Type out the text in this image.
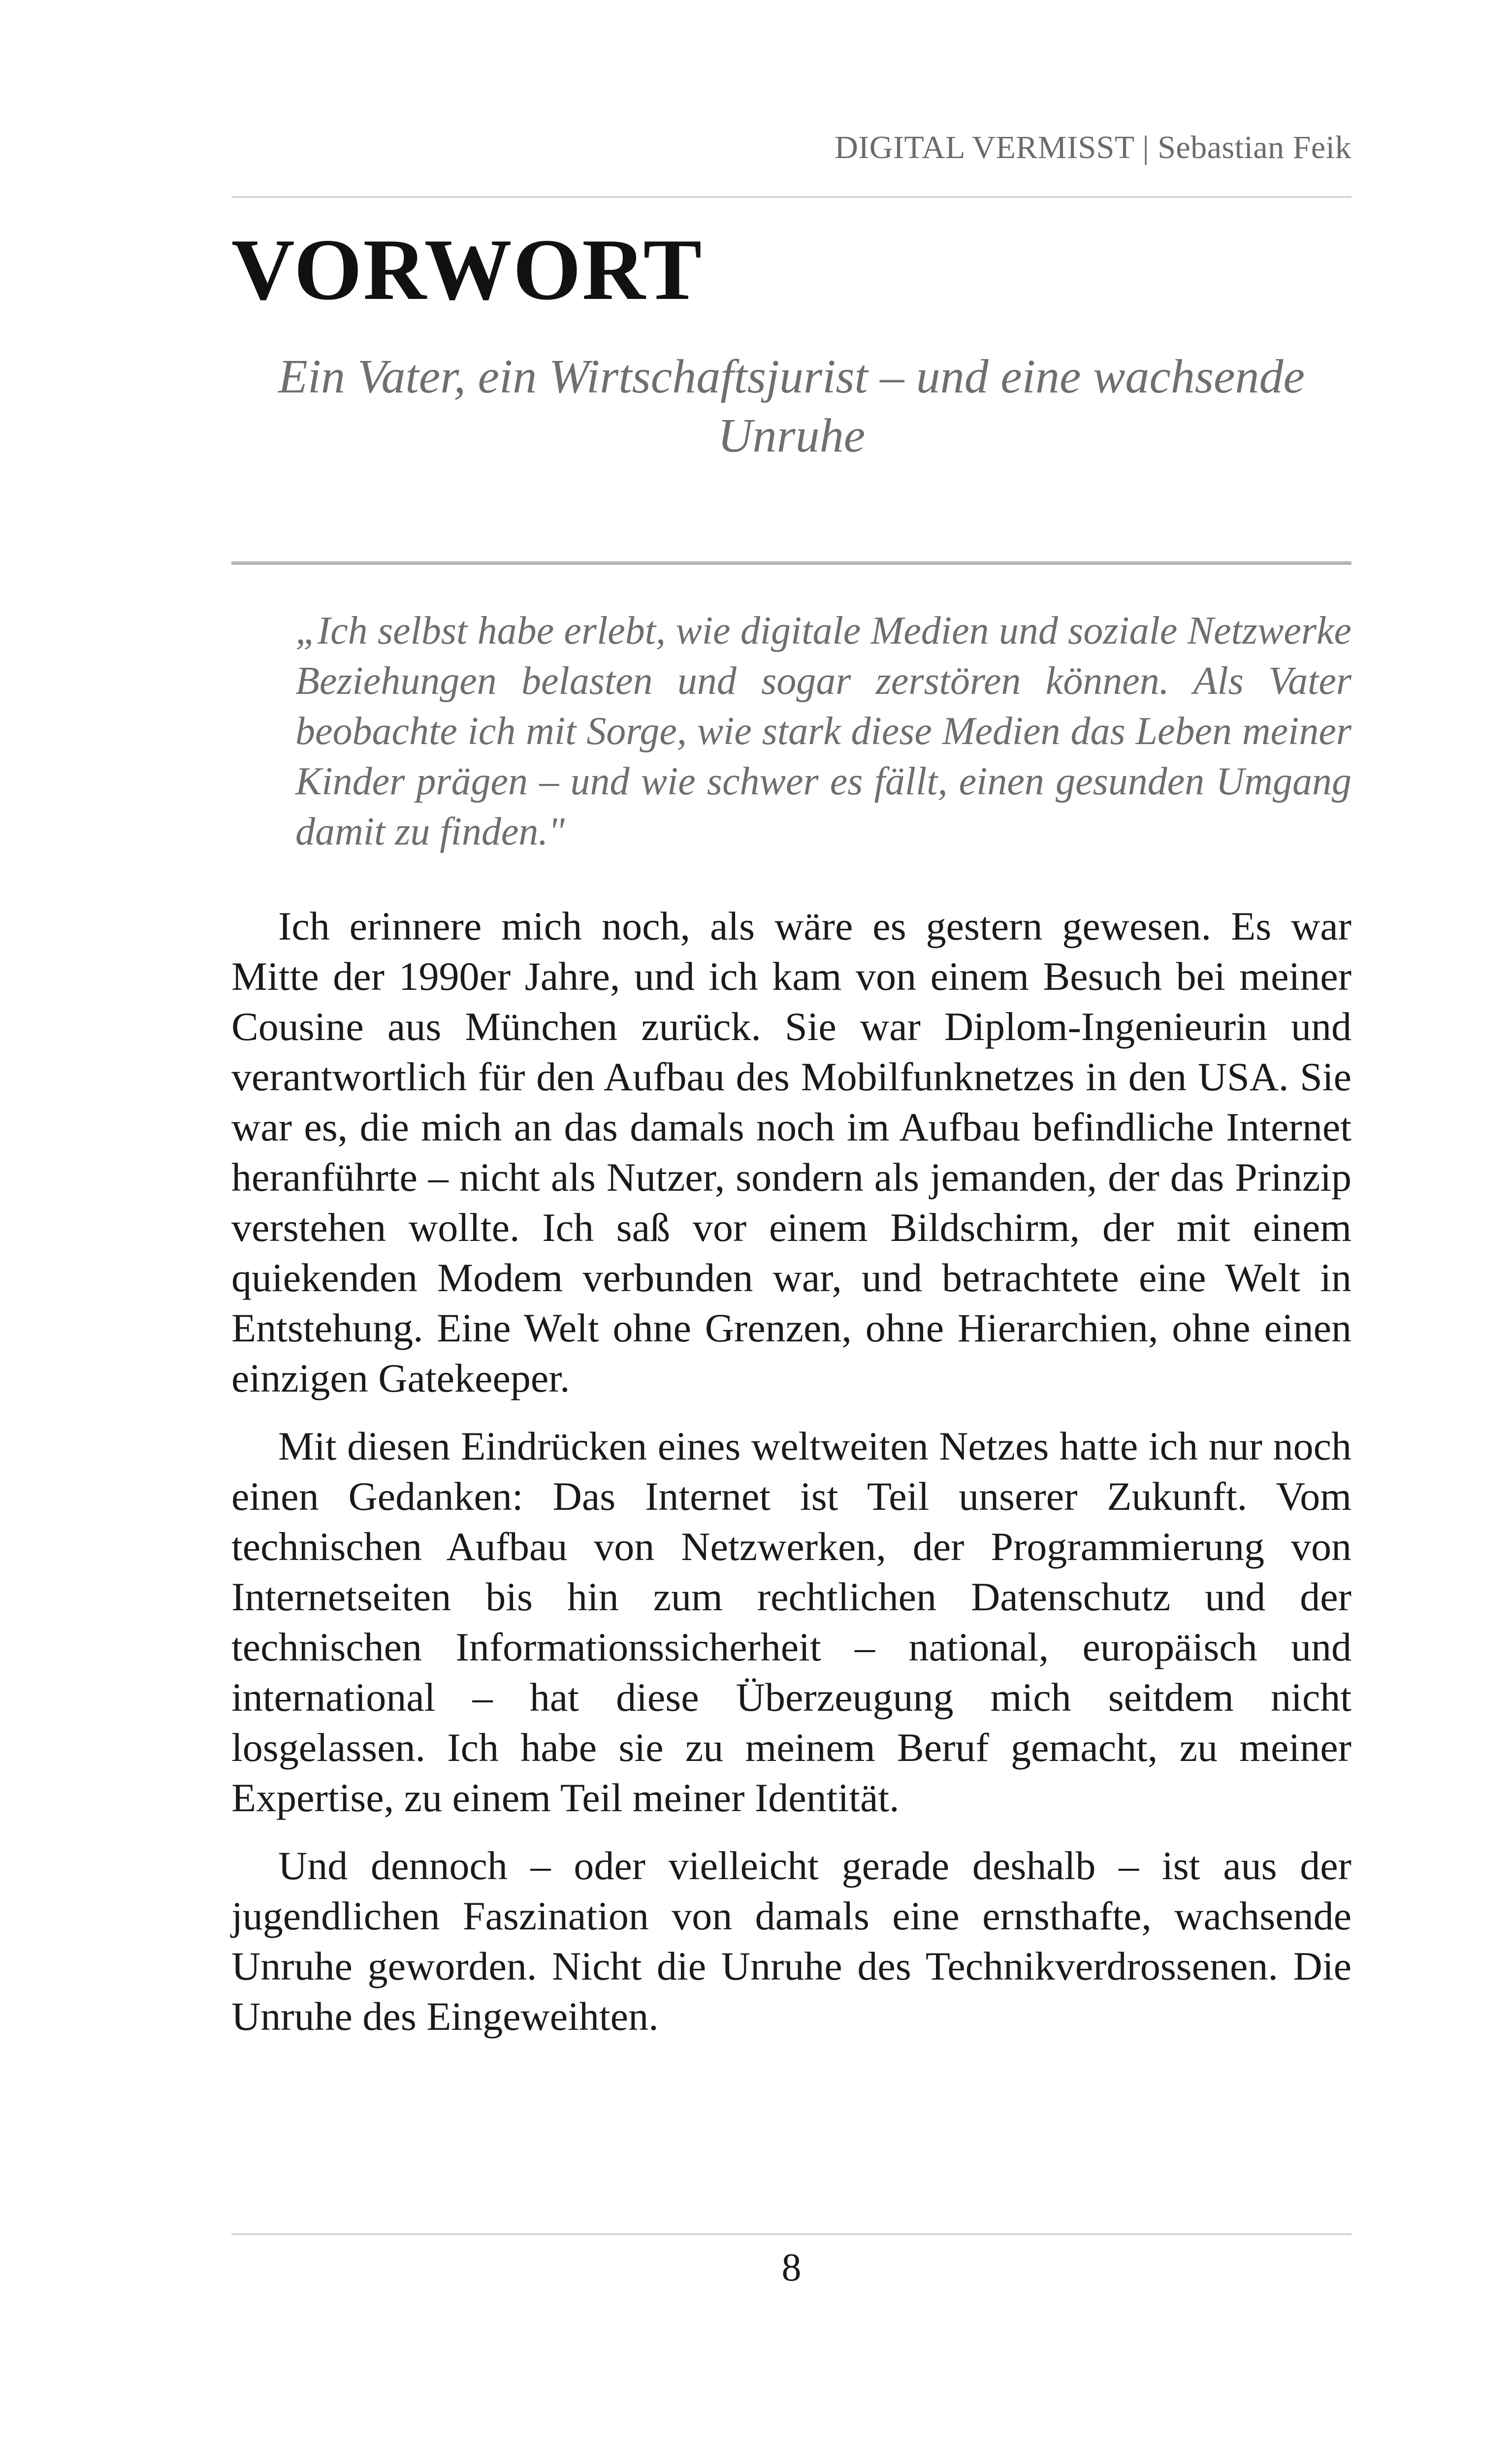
DIGITAL VERMISST | Sebastian Feik
VORWORT
Ein Vater, ein Wirtschaftsjurist – und eine wachsende Unruhe
„Ich selbst habe erlebt, wie digitale Medien und soziale Netzwerke Beziehungen belasten und sogar zerstören können. Als Vater beobachte ich mit Sorge, wie stark diese Medien das Leben meiner Kinder prägen – und wie schwer es fällt, einen gesunden Umgang damit zu finden."

Ich erinnere mich noch, als wäre es gestern gewesen. Es war Mitte der 1990er Jahre, und ich kam von einem Besuch bei meiner Cousine aus München zurück. Sie war Diplom-Ingenieurin und verantwortlich für den Aufbau des Mobilfunknetzes in den USA. Sie war es, die mich an das damals noch im Aufbau befindliche Internet heranführte – nicht als Nutzer, sondern als jemanden, der das Prinzip verstehen wollte. Ich saß vor einem Bildschirm, der mit einem quiekenden Modem verbunden war, und betrachtete eine Welt in Entstehung. Eine Welt ohne Grenzen, ohne Hierarchien, ohne einen einzigen Gatekeeper.

Mit diesen Eindrücken eines weltweiten Netzes hatte ich nur noch einen Gedanken: Das Internet ist Teil unserer Zukunft. Vom technischen Aufbau von Netzwerken, der Programmierung von Internetseiten bis hin zum rechtlichen Datenschutz und der technischen Informationssicherheit – national, europäisch und international – hat diese Überzeugung mich seitdem nicht losgelassen. Ich habe sie zu meinem Beruf gemacht, zu meiner Expertise, zu einem Teil meiner Identität.

Und dennoch – oder vielleicht gerade deshalb – ist aus der jugendlichen Faszination von damals eine ernsthafte, wachsende Unruhe geworden. Nicht die Unruhe des Technikverdrossenen. Die Unruhe des Eingeweihten.

8
